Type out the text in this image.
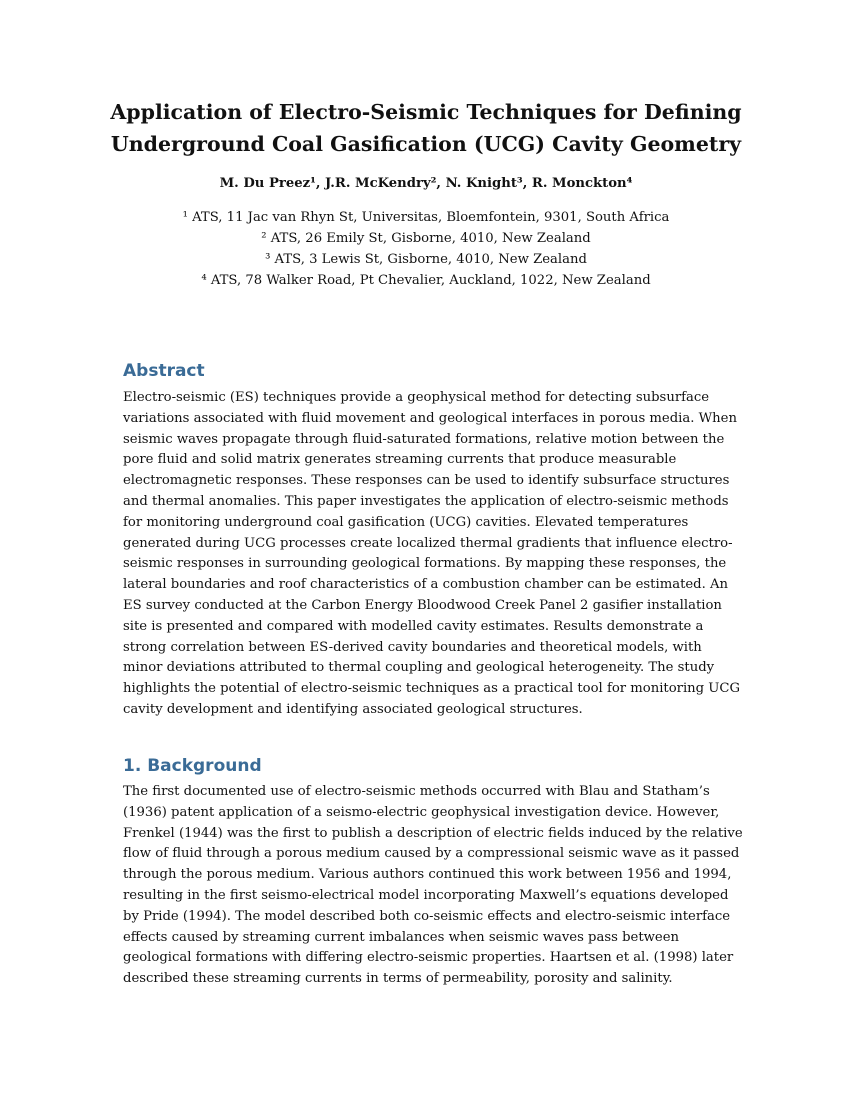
Application of Electro-Seismic Techniques for Defining
Underground Coal Gasification (UCG) Cavity Geometry
M. Du Preez¹, J.R. McKendry², N. Knight³, R. Monckton⁴
¹ ATS, 11 Jac van Rhyn St, Universitas, Bloemfontein, 9301, South Africa
² ATS, 26 Emily St, Gisborne, 4010, New Zealand
³ ATS, 3 Lewis St, Gisborne, 4010, New Zealand
⁴ ATS, 78 Walker Road, Pt Chevalier, Auckland, 1022, New Zealand
Abstract
Electro-seismic (ES) techniques provide a geophysical method for detecting subsurface
variations associated with fluid movement and geological interfaces in porous media. When
seismic waves propagate through fluid-saturated formations, relative motion between the
pore fluid and solid matrix generates streaming currents that produce measurable
electromagnetic responses. These responses can be used to identify subsurface structures
and thermal anomalies. This paper investigates the application of electro-seismic methods
for monitoring underground coal gasification (UCG) cavities. Elevated temperatures
generated during UCG processes create localized thermal gradients that influence electro-
seismic responses in surrounding geological formations. By mapping these responses, the
lateral boundaries and roof characteristics of a combustion chamber can be estimated. An
ES survey conducted at the Carbon Energy Bloodwood Creek Panel 2 gasifier installation
site is presented and compared with modelled cavity estimates. Results demonstrate a
strong correlation between ES-derived cavity boundaries and theoretical models, with
minor deviations attributed to thermal coupling and geological heterogeneity. The study
highlights the potential of electro-seismic techniques as a practical tool for monitoring UCG
cavity development and identifying associated geological structures.
1. Background
The first documented use of electro-seismic methods occurred with Blau and Statham’s
(1936) patent application of a seismo-electric geophysical investigation device. However,
Frenkel (1944) was the first to publish a description of electric fields induced by the relative
flow of fluid through a porous medium caused by a compressional seismic wave as it passed
through the porous medium. Various authors continued this work between 1956 and 1994,
resulting in the first seismo-electrical model incorporating Maxwell’s equations developed
by Pride (1994). The model described both co-seismic effects and electro-seismic interface
effects caused by streaming current imbalances when seismic waves pass between
geological formations with differing electro-seismic properties. Haartsen et al. (1998) later
described these streaming currents in terms of permeability, porosity and salinity.
